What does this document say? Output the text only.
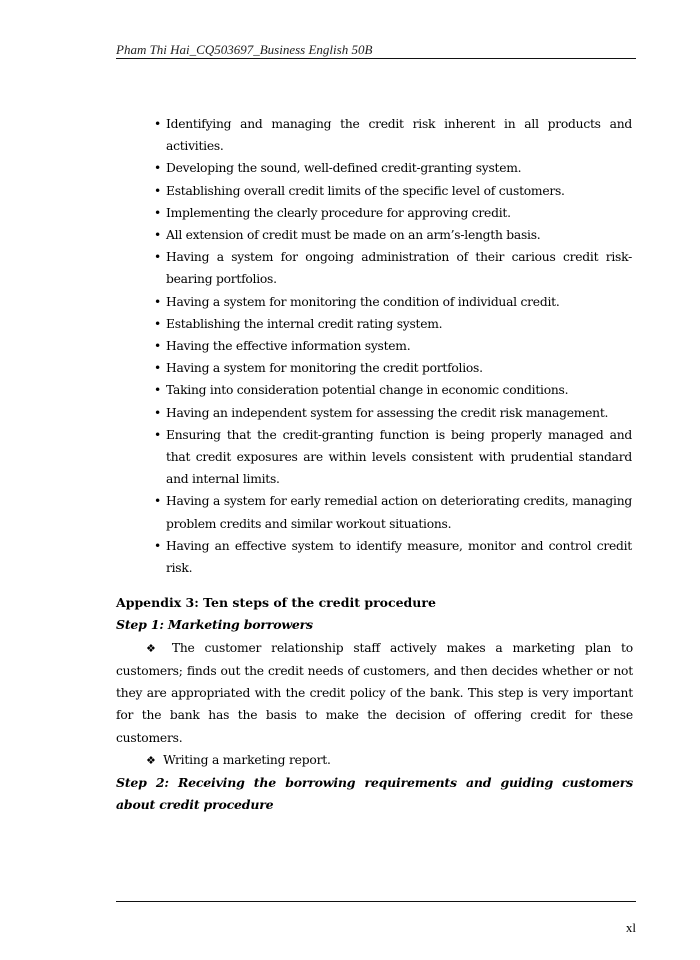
Pham Thi Hai_CQ503697_Business English 50B
• Identifying and managing the credit risk inherent in all products and activities.
• Developing the sound, well-defined credit-granting system.
• Establishing overall credit limits of the specific level of customers.
• Implementing the clearly procedure for approving credit.
• All extension of credit must be made on an arm’s-length basis.
• Having a system for ongoing administration of their carious credit risk-bearing portfolios.
• Having a system for monitoring the condition of individual credit.
• Establishing the internal credit rating system.
• Having the effective information system.
• Having a system for monitoring the credit portfolios.
• Taking into consideration potential change in economic conditions.
• Having an independent system for assessing the credit risk management.
• Ensuring that the credit-granting function is being properly managed and that credit exposures are within levels consistent with prudential standard and internal limits.
• Having a system for early remedial action on deteriorating credits, managing problem credits and similar workout situations.
• Having an effective system to identify measure, monitor and control credit risk.
Appendix 3: Ten steps of the credit procedure
Step 1: Marketing borrowers
❖ The customer relationship staff actively makes a marketing plan to customers; finds out the credit needs of customers, and then decides whether or not they are appropriated with the credit policy of the bank. This step is very important for the bank has the basis to make the decision of offering credit for these customers.
❖ Writing a marketing report.
Step 2: Receiving the borrowing requirements and guiding customers about credit procedure
xl
